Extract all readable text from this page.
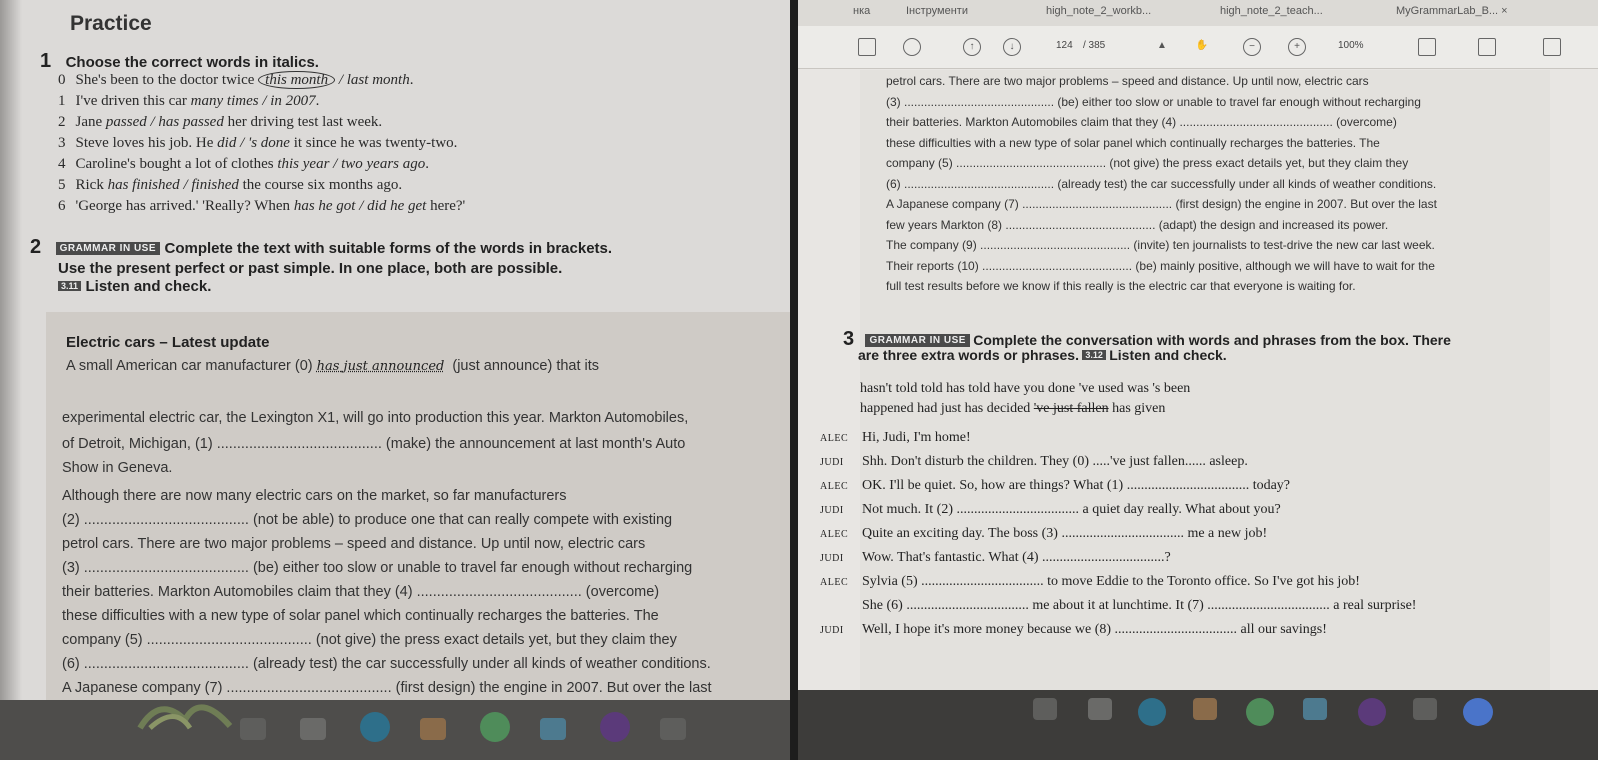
Practice
1 Choose the correct words in italics.
0 She's been to the doctor twice this month / last month.
1 I've driven this car many times / in 2007.
2 Jane passed / has passed her driving test last week.
3 Steve loves his job. He did / 's done it since he was twenty-two.
4 Caroline's bought a lot of clothes this year / two years ago.
5 Rick has finished / finished the course six months ago.
6 'George has arrived.' 'Really? When has he got / did he get here?'
2 GRAMMAR IN USE Complete the text with suitable forms of the words in brackets.
Use the present perfect or past simple. In one place, both are possible.
3.11 Listen and check.
Electric cars – Latest update
A small American car manufacturer (0) has just announced (just announce) that its
experimental electric car, the Lexington X1, will go into production this year. Markton Automobiles,
of Detroit, Michigan, (1) ......................................... (make) the announcement at last month's Auto
Show in Geneva.
Although there are now many electric cars on the market, so far manufacturers
(2) ......................................... (not be able) to produce one that can really compete with existing
petrol cars. There are two major problems – speed and distance. Up until now, electric cars
(3) ......................................... (be) either too slow or unable to travel far enough without recharging
their batteries. Markton Automobiles claim that they (4) ......................................... (overcome)
these difficulties with a new type of solar panel which continually recharges the batteries. The
company (5) ......................................... (not give) the press exact details yet, but they claim they
(6) ......................................... (already test) the car successfully under all kinds of weather conditions.
A Japanese company (7) ......................................... (first design) the engine in 2007. But over the last
нка	Інструменти	high_note_2_workb...	high_note_2_teach...	MyGrammarLab_B... ×
↑	↓	124 / 385	▲	✋	−	+	100%
petrol cars. There are two major problems – speed and distance. Up until now, electric cars
(3) ............................................. (be) either too slow or unable to travel far enough without recharging
their batteries. Markton Automobiles claim that they (4) .............................................. (overcome)
these difficulties with a new type of solar panel which continually recharges the batteries. The
company (5) ............................................. (not give) the press exact details yet, but they claim they
(6) ............................................. (already test) the car successfully under all kinds of weather conditions.
A Japanese company (7) ............................................. (first design) the engine in 2007. But over the last
few years Markton (8) ............................................. (adapt) the design and increased its power.
The company (9) ............................................. (invite) ten journalists to test-drive the new car last week.
Their reports (10) ............................................. (be) mainly positive, although we will have to wait for the
full test results before we know if this really is the electric car that everyone is waiting for.
3 GRAMMAR IN USE Complete the conversation with words and phrases from the box. There
are three extra words or phrases. 3.12 Listen and check.
hasn't told told has told have you done 've used was 's been
happened had just has decided 've just fallen has given
ALEC Hi, Judi, I'm home!
JUDI Shh. Don't disturb the children. They (0) .....'ve just fallen...... asleep.
ALEC OK. I'll be quiet. So, how are things? What (1) ................................... today?
JUDI Not much. It (2) ................................... a quiet day really. What about you?
ALEC Quite an exciting day. The boss (3) ................................... me a new job!
JUDI Wow. That's fantastic. What (4) ...................................?
ALEC Sylvia (5) ................................... to move Eddie to the Toronto office. So I've got his job!
She (6) ................................... me about it at lunchtime. It (7) ................................... a real surprise!
JUDI Well, I hope it's more money because we (8) ................................... all our savings!
